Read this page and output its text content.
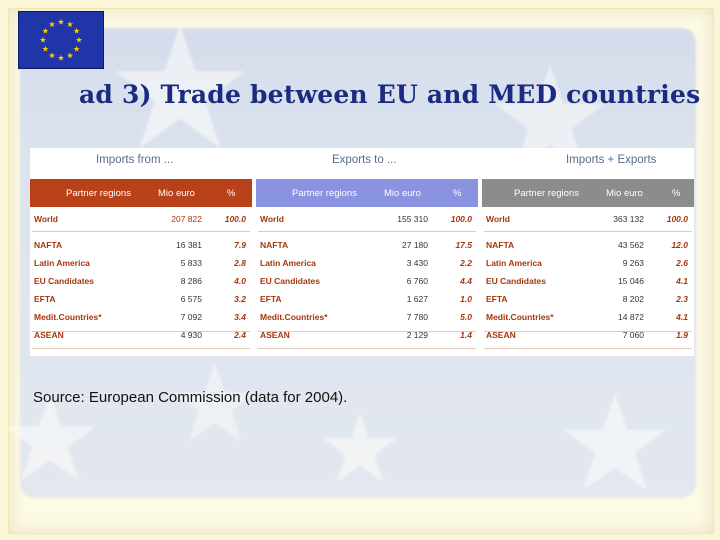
ad 3) Trade between EU and MED countries
Imports from ...
Partner regions	Mio euro	%
World	207 822	100.0
NAFTA	16 381	7.9
Latin America	5 833	2.8
EU Candidates	8 286	4.0
EFTA	6 575	3.2
Medit.Countries*	7 092	3.4
ASEAN	4 930	2.4
Exports to ...
Partner regions	Mio euro	%
World	155 310	100.0
NAFTA	27 180	17.5
Latin America	3 430	2.2
EU Candidates	6 760	4.4
EFTA	1 627	1.0
Medit.Countries*	7 780	5.0
ASEAN	2 129	1.4
Imports + Exports
Partner regions	Mio euro	%
World	363 132	100.0
NAFTA	43 562	12.0
Latin America	9 263	2.6
EU Candidates	15 046	4.1
EFTA	8 202	2.3
Medit.Countries*	14 872	4.1
ASEAN	7 060	1.9
Source: European Commission (data for 2004).
